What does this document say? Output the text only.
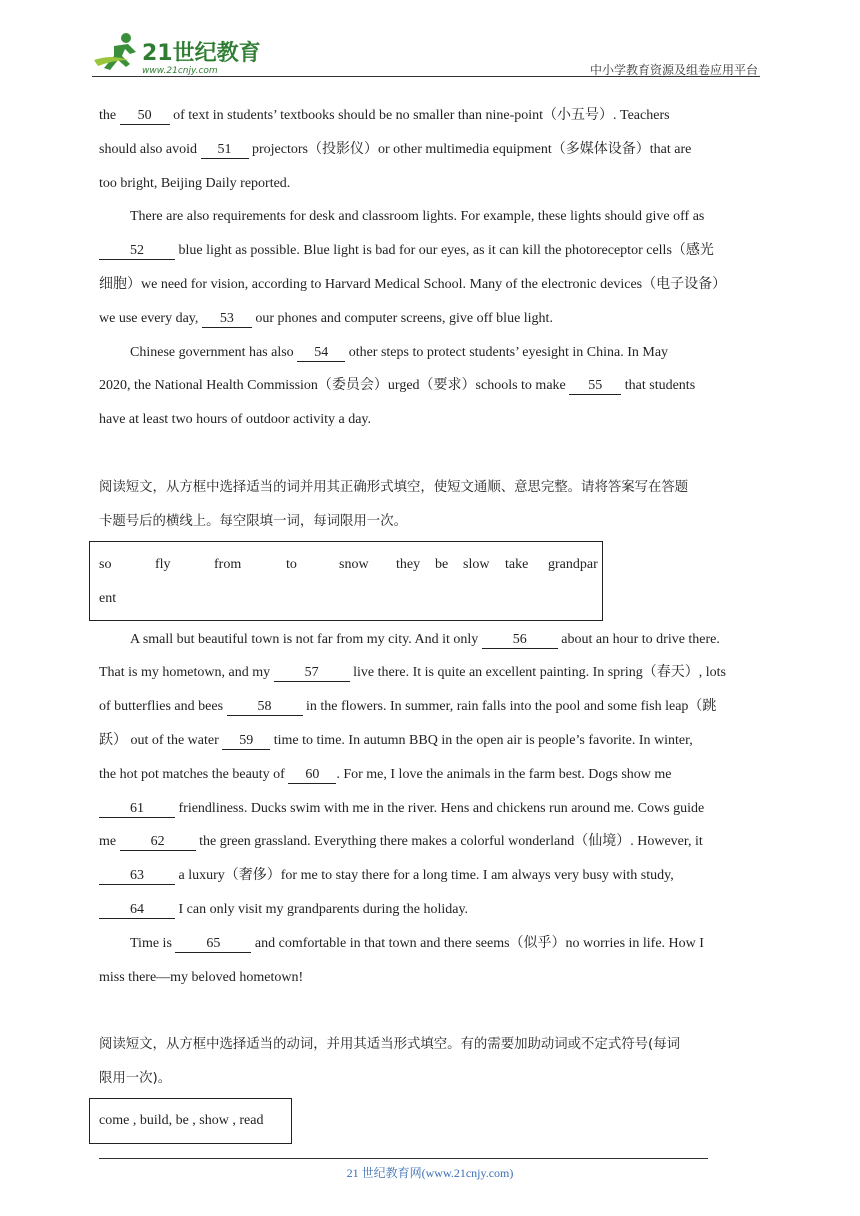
21世纪教育
www.21cnjy.com	中小学教育资源及组卷应用平台
the 50 of text in students’ textbooks should be no smaller than nine-point（小五号）. Teachers
should also avoid 51 projectors（投影仪）or other multimedia equipment（多媒体设备）that are
too bright, Beijing Daily reported.
There are also requirements for desk and classroom lights. For example, these lights should give off as
52 blue light as possible. Blue light is bad for our eyes, as it can kill the photoreceptor cells（感光
细胞）we need for vision, according to Harvard Medical School. Many of the electronic devices（电子设备）
we use every day, 53 our phones and computer screens, give off blue light.
Chinese government has also 54 other steps to protect students’ eyesight in China. In May
2020, the National Health Commission（委员会）urged（要求）schools to make 55 that students
have at least two hours of outdoor activity a day.
阅读短文，从方框中选择适当的词并用其正确形式填空，使短文通顺、意思完整。请将答案写在答题
卡题号后的横线上。每空限填一词，每词限用一次。
so	fly	from	to	snow they be slow take grandpar
ent
A small but beautiful town is not far from my city. And it only 56 about an hour to drive there.
That is my hometown, and my 57 live there. It is quite an excellent painting. In spring（春天）, lots
of butterflies and bees 58 in the flowers. In summer, rain falls into the pool and some fish leap（跳
跃） out of the water 59 time to time. In autumn BBQ in the open air is people’s favorite. In winter,
the hot pot matches the beauty of 60 . For me, I love the animals in the farm best. Dogs show me
61 friendliness. Ducks swim with me in the river. Hens and chickens run around me. Cows guide
me 62 the green grassland. Everything there makes a colorful wonderland（仙境）. However, it
63 a luxury（奢侈）for me to stay there for a long time. I am always very busy with study,
64 I can only visit my grandparents during the holiday.
Time is 65 and comfortable in that town and there seems（似乎）no worries in life. How I
miss there—my beloved hometown!
阅读短文，从方框中选择适当的动词，并用其适当形式填空。有的需要加助动词或不定式符号(每词
限用一次)。
come , build, be , show , read
21 世纪教育网(www.21cnjy.com)
